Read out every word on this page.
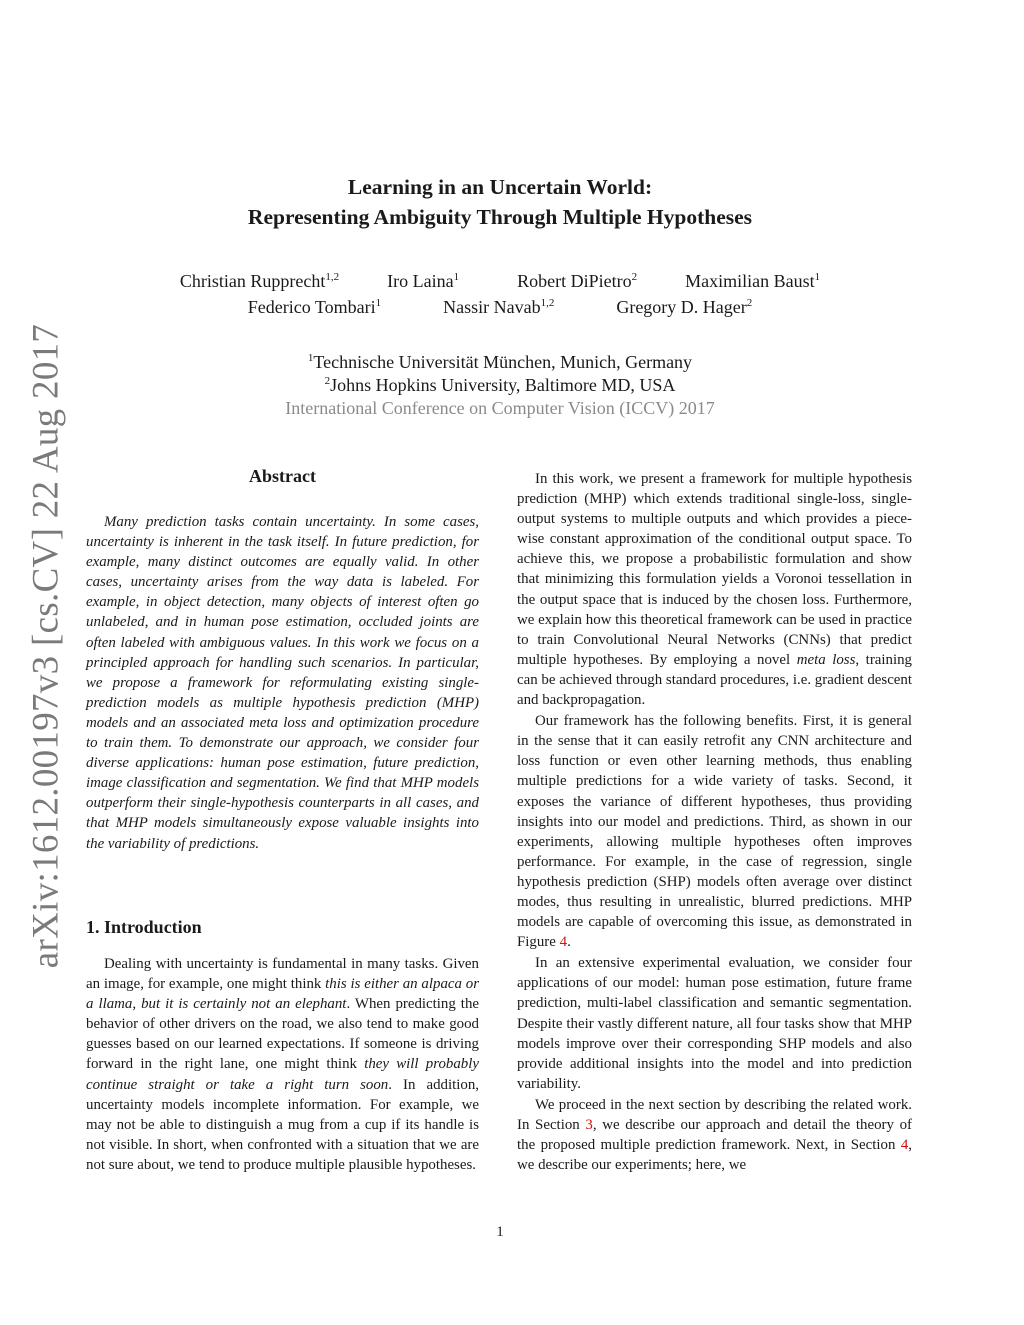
arXiv:1612.00197v3 [cs.CV] 22 Aug 2017
Learning in an Uncertain World:
Representing Ambiguity Through Multiple Hypotheses
Christian Rupprecht$^{1,2}$	Iro Laina$^1$	Robert DiPietro$^2$	Maximilian Baust$^1$
Federico Tombari$^1$	Nassir Navab$^{1,2}$	Gregory D. Hager$^2$
$^1$Technische Universität München, Munich, Germany
$^2$Johns Hopkins University, Baltimore MD, USA
International Conference on Computer Vision (ICCV) 2017
Abstract

Many prediction tasks contain uncertainty. In some cases, uncertainty is inherent in the task itself. In future prediction, for example, many distinct outcomes are equally valid. In other cases, uncertainty arises from the way data is labeled. For example, in object detection, many objects of interest often go unlabeled, and in human pose estimation, occluded joints are often labeled with ambiguous values. In this work we focus on a principled approach for handling such scenarios. In particular, we propose a framework for reformulating existing single-prediction models as multiple hypothesis prediction (MHP) models and an associated meta loss and optimization procedure to train them. To demonstrate our approach, we consider four diverse applications: human pose estimation, future prediction, image classification and segmentation. We find that MHP models outperform their single-hypothesis counterparts in all cases, and that MHP models simultaneously expose valuable insights into the variability of predictions.

1. Introduction

Dealing with uncertainty is fundamental in many tasks. Given an image, for example, one might think this is either an alpaca or a llama, but it is certainly not an elephant. When predicting the behavior of other drivers on the road, we also tend to make good guesses based on our learned expectations. If someone is driving forward in the right lane, one might think they will probably continue straight or take a right turn soon. In addition, uncertainty models incomplete information. For example, we may not be able to distinguish a mug from a cup if its handle is not visible. In short, when confronted with a situation that we are not sure about, we tend to produce multiple plausible hypotheses.

In this work, we present a framework for multiple hypothesis prediction (MHP) which extends traditional single-loss, single-output systems to multiple outputs and which provides a piece-wise constant approximation of the conditional output space. To achieve this, we propose a probabilistic formulation and show that minimizing this formulation yields a Voronoi tessellation in the output space that is induced by the chosen loss. Furthermore, we explain how this theoretical framework can be used in practice to train Convolutional Neural Networks (CNNs) that predict multiple hypotheses. By employing a novel meta loss, training can be achieved through standard procedures, i.e. gradient descent and backpropagation.

Our framework has the following benefits. First, it is general in the sense that it can easily retrofit any CNN architecture and loss function or even other learning methods, thus enabling multiple predictions for a wide variety of tasks. Second, it exposes the variance of different hypotheses, thus providing insights into our model and predictions. Third, as shown in our experiments, allowing multiple hypotheses often improves performance. For example, in the case of regression, single hypothesis prediction (SHP) models often average over distinct modes, thus resulting in unrealistic, blurred predictions. MHP models are capable of overcoming this issue, as demonstrated in Figure 4.

In an extensive experimental evaluation, we consider four applications of our model: human pose estimation, future frame prediction, multi-label classification and semantic segmentation. Despite their vastly different nature, all four tasks show that MHP models improve over their corresponding SHP models and also provide additional insights into the model and into prediction variability.

We proceed in the next section by describing the related work. In Section 3, we describe our approach and detail the theory of the proposed multiple prediction framework. Next, in Section 4, we describe our experiments; here, we

1
